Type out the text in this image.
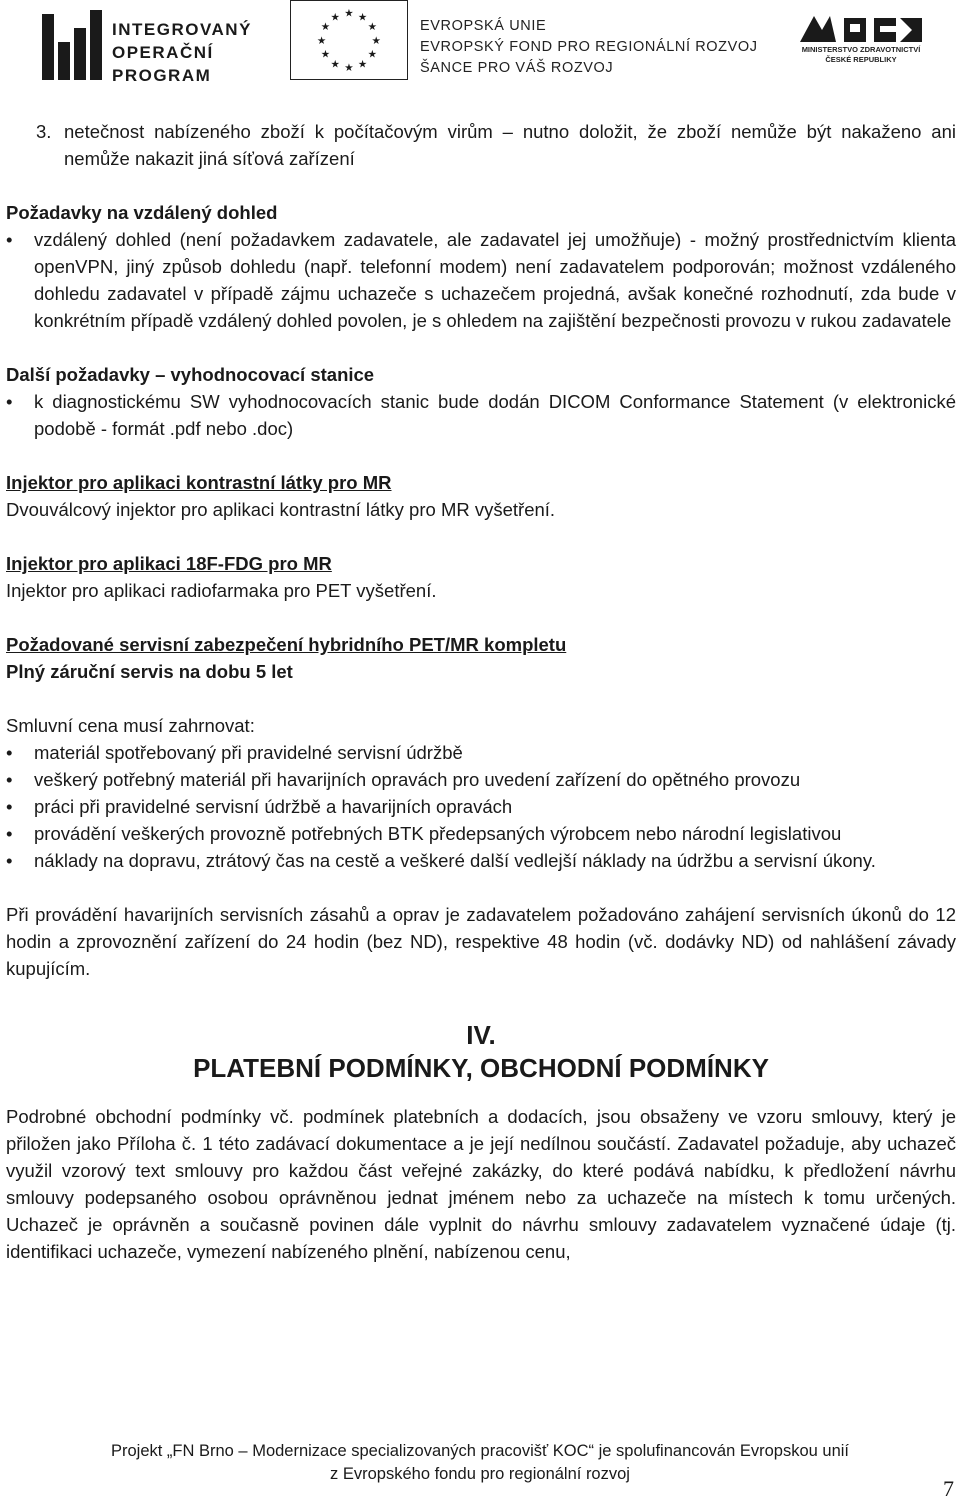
INTEGROVANÝ
OPERAČNÍ
PROGRAM
★ ★
★
★
★
★
★
★
★
★
★
★
EVROPSKÁ UNIE
EVROPSKÝ FOND PRO REGIONÁLNÍ ROZVOJ
ŠANCE PRO VÁŠ ROZVOJ
MINISTERSTVO ZDRAVOTNICTVÍ
ČESKÉ REPUBLIKY
3. netečnost nabízeného zboží k počítačovým virům – nutno doložit, že zboží nemůže být nakaženo ani nemůže nakazit jiná síťová zařízení
Požadavky na vzdálený dohled
• vzdálený dohled (není požadavkem zadavatele, ale zadavatel jej umožňuje) - možný prostřednictvím klienta openVPN, jiný způsob dohledu (např. telefonní modem) není zadavatelem podporován; možnost vzdáleného dohledu zadavatel v případě zájmu uchazeče s uchazečem projedná, avšak konečné rozhodnutí, zda bude v konkrétním případě vzdálený dohled povolen, je s ohledem na zajištění bezpečnosti provozu v rukou zadavatele
Další požadavky – vyhodnocovací stanice
• k diagnostickému SW vyhodnocovacích stanic bude dodán DICOM Conformance Statement (v elektronické podobě - formát .pdf nebo .doc)
Injektor pro aplikaci kontrastní látky pro MR
Dvouválcový injektor pro aplikaci kontrastní látky pro MR vyšetření.
Injektor pro aplikaci 18F-FDG pro MR
Injektor pro aplikaci radiofarmaka pro PET vyšetření.
Požadované servisní zabezpečení hybridního PET/MR kompletu
Plný záruční servis na dobu 5 let
Smluvní cena musí zahrnovat:
• materiál spotřebovaný při pravidelné servisní údržbě
• veškerý potřebný materiál při havarijních opravách pro uvedení zařízení do opětného provozu
• práci při pravidelné servisní údržbě a havarijních opravách
• provádění veškerých provozně potřebných BTK předepsaných výrobcem nebo národní legislativou
• náklady na dopravu, ztrátový čas na cestě a veškeré další vedlejší náklady na údržbu a servisní úkony.
Při provádění havarijních servisních zásahů a oprav je zadavatelem požadováno zahájení servisních úkonů do 12 hodin a zprovoznění zařízení do 24 hodin (bez ND), respektive 48 hodin (vč. dodávky ND) od nahlášení závady kupujícím.
IV.
PLATEBNÍ PODMÍNKY, OBCHODNÍ PODMÍNKY
Podrobné obchodní podmínky vč. podmínek platebních a dodacích, jsou obsaženy ve vzoru smlouvy, který je přiložen jako Příloha č. 1 této zadávací dokumentace a je její nedílnou součástí. Zadavatel požaduje, aby uchazeč využil vzorový text smlouvy pro každou část veřejné zakázky, do které podává nabídku, k předložení návrhu smlouvy podepsaného osobou oprávněnou jednat jménem nebo za uchazeče na místech k tomu určených. Uchazeč je oprávněn a současně povinen dále vyplnit do návrhu smlouvy zadavatelem vyznačené údaje (tj. identifikaci uchazeče, vymezení nabízeného plnění, nabízenou cenu,
Projekt „FN Brno – Modernizace specializovaných pracovišť KOC“ je spolufinancován Evropskou unií
z Evropského fondu pro regionální rozvoj
7
